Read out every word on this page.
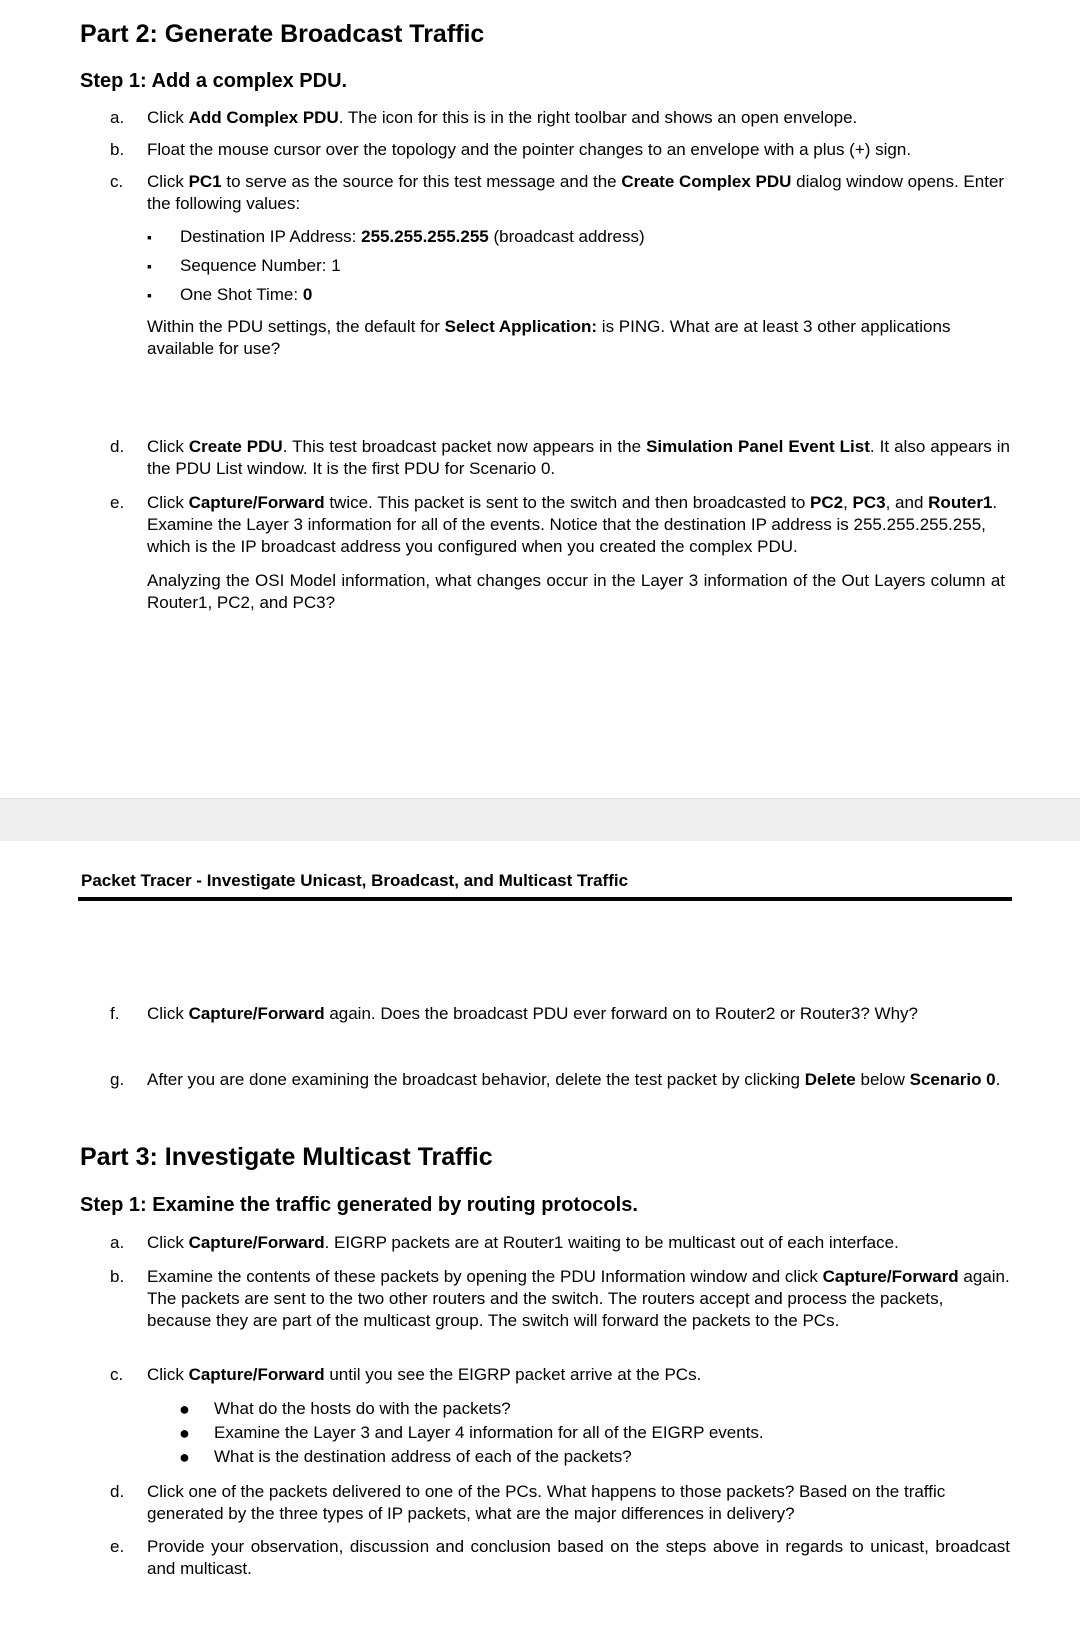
Part 2: Generate Broadcast Traffic
Step 1: Add a complex PDU.
a.	Click Add Complex PDU. The icon for this is in the right toolbar and shows an open envelope.
b.	Float the mouse cursor over the topology and the pointer changes to an envelope with a plus (+) sign.
c.	Click PC1 to serve as the source for this test message and the Create Complex PDU dialog window opens. Enter the following values:
▪ Destination IP Address: 255.255.255.255 (broadcast address)
▪ Sequence Number: 1
▪ One Shot Time: 0
Within the PDU settings, the default for Select Application: is PING. What are at least 3 other applications available for use?
d.	Click Create PDU. This test broadcast packet now appears in the Simulation Panel Event List. It also appears in the PDU List window. It is the first PDU for Scenario 0.
e.	Click Capture/Forward twice. This packet is sent to the switch and then broadcasted to PC2, PC3, and Router1. Examine the Layer 3 information for all of the events. Notice that the destination IP address is 255.255.255.255, which is the IP broadcast address you configured when you created the complex PDU.
Analyzing the OSI Model information, what changes occur in the Layer 3 information of the Out Layers column at Router1, PC2, and PC3?
Packet Tracer - Investigate Unicast, Broadcast, and Multicast Traffic
f.	Click Capture/Forward again. Does the broadcast PDU ever forward on to Router2 or Router3? Why?
g.	After you are done examining the broadcast behavior, delete the test packet by clicking Delete below Scenario 0.
Part 3: Investigate Multicast Traffic
Step 1: Examine the traffic generated by routing protocols.
a.	Click Capture/Forward. EIGRP packets are at Router1 waiting to be multicast out of each interface.
b.	Examine the contents of these packets by opening the PDU Information window and click Capture/Forward again. The packets are sent to the two other routers and the switch. The routers accept and process the packets, because they are part of the multicast group. The switch will forward the packets to the PCs.
c.	Click Capture/Forward until you see the EIGRP packet arrive at the PCs.
● What do the hosts do with the packets?
● Examine the Layer 3 and Layer 4 information for all of the EIGRP events.
● What is the destination address of each of the packets?
d.	Click one of the packets delivered to one of the PCs. What happens to those packets? Based on the traffic generated by the three types of IP packets, what are the major differences in delivery?
e.	Provide your observation, discussion and conclusion based on the steps above in regards to unicast, broadcast and multicast.
